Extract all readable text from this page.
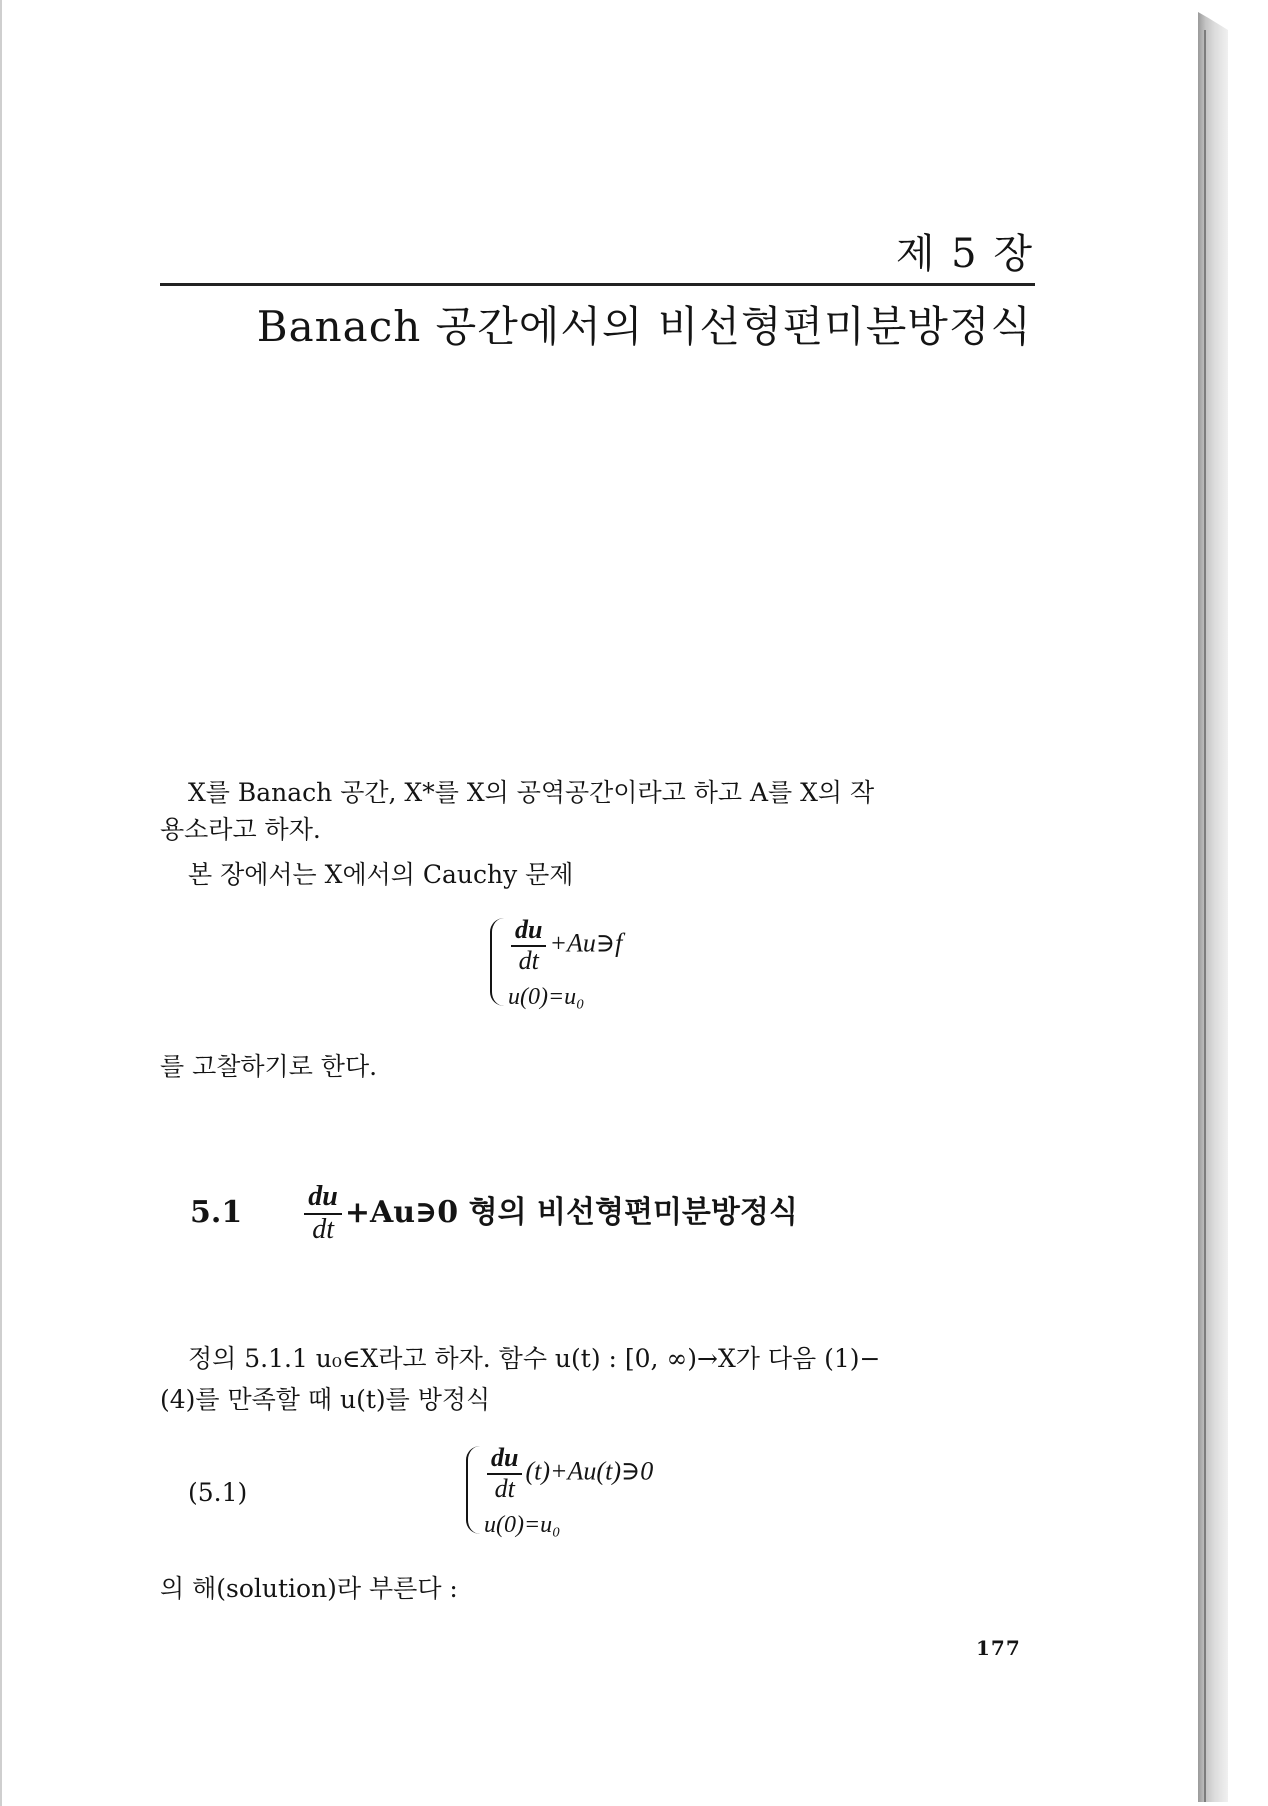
제 5 장
Banach 공간에서의 비선형편미분방정식
X를 Banach 공간, X*를 X의 공역공간이라고 하고 A를 X의 작
용소라고 하자.
본 장에서는 X에서의 Cauchy 문제
$\frac{du}{dt}$ +Au∋f
u(0)=u₀
를 고찰하기로 한다.
$5.1 \frac{du}{dt}$ +Au∋0 형의 비선형편미분방정식
정의 5.1.1 u₀∈X라고 하자. 함수 u(t) : [0, ∞)→X가 다음 (1)−
(4)를 만족할 때 u(t)를 방정식
(5.1)	$\frac{du}{dt}$ (t)+Au(t)∋0
u(0)=u₀
의 해(solution)라 부른다 :
177
